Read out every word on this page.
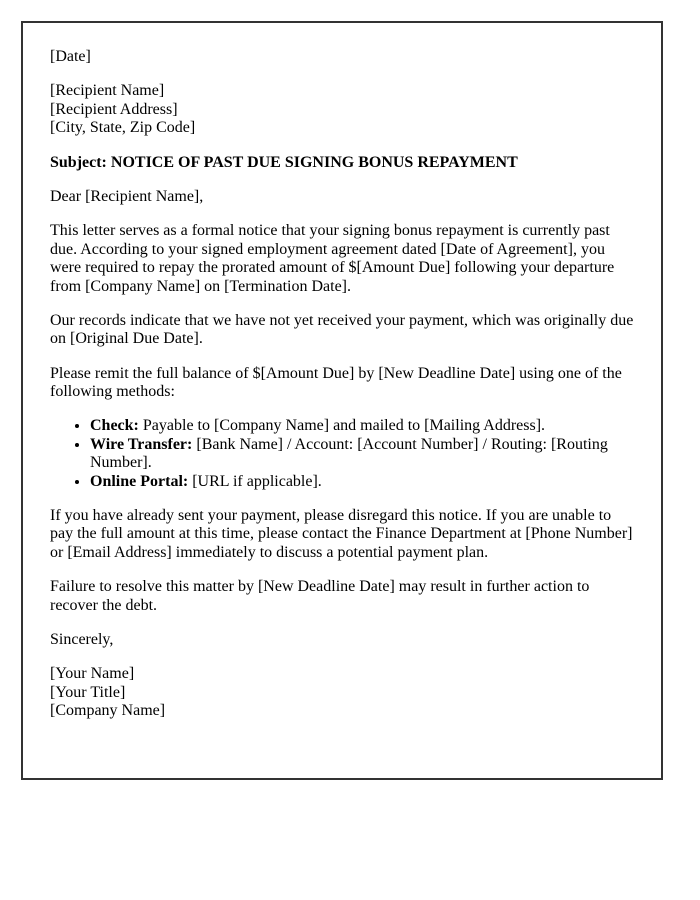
[Date]

[Recipient Name]
[Recipient Address]
[City, State, Zip Code]

Subject: NOTICE OF PAST DUE SIGNING BONUS REPAYMENT

Dear [Recipient Name],

This letter serves as a formal notice that your signing bonus repayment is currently past due. According to your signed employment agreement dated [Date of Agreement], you were required to repay the prorated amount of $[Amount Due] following your departure from [Company Name] on [Termination Date].

Our records indicate that we have not yet received your payment, which was originally due on [Original Due Date].

Please remit the full balance of $[Amount Due] by [New Deadline Date] using one of the following methods:

• Check: Payable to [Company Name] and mailed to [Mailing Address].
• Wire Transfer: [Bank Name] / Account: [Account Number] / Routing: [Routing Number].
• Online Portal: [URL if applicable].

If you have already sent your payment, please disregard this notice. If you are unable to pay the full amount at this time, please contact the Finance Department at [Phone Number] or [Email Address] immediately to discuss a potential payment plan.

Failure to resolve this matter by [New Deadline Date] may result in further action to recover the debt.

Sincerely,

[Your Name]
[Your Title]
[Company Name]
